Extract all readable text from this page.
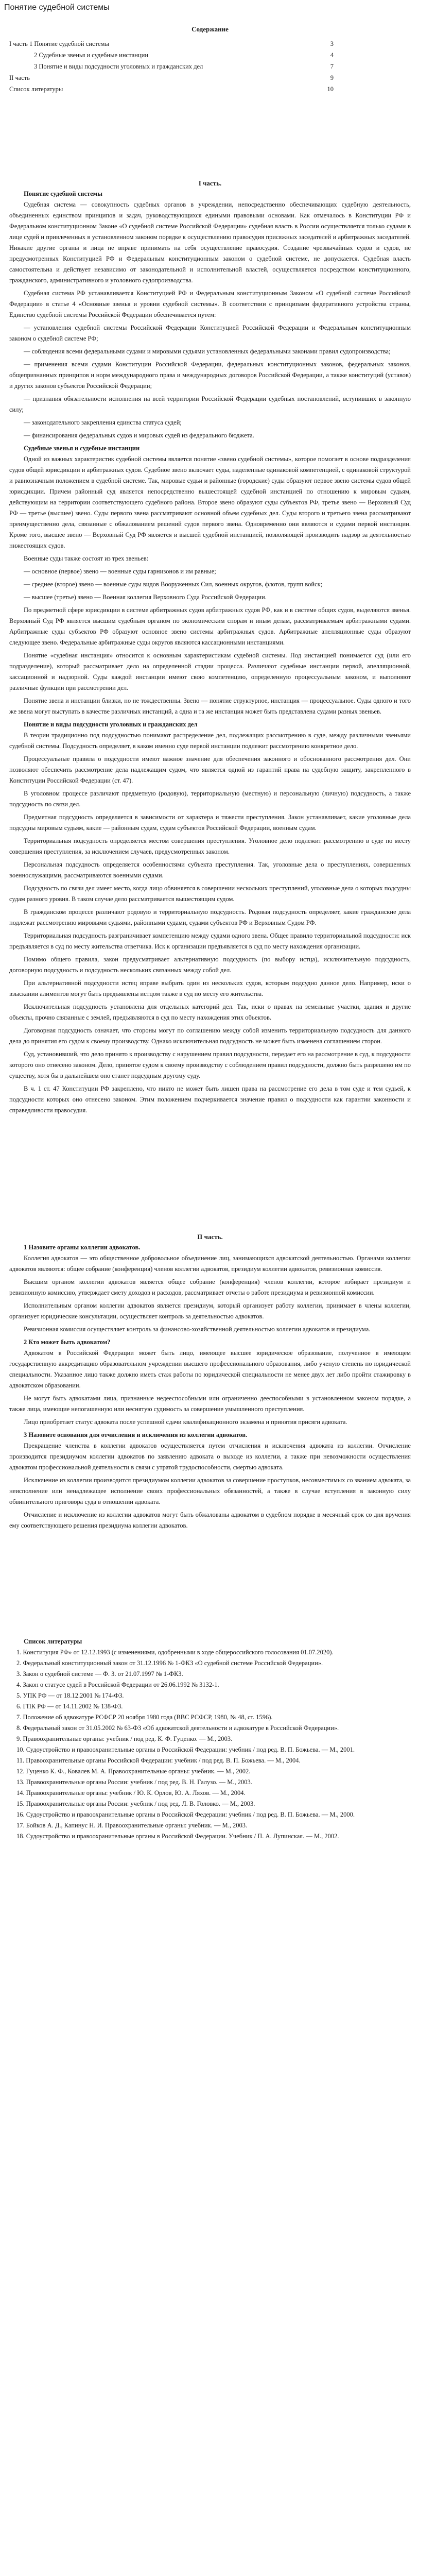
Понятие судебной системы
Содержание
I часть 1 Понятие судебной системы	3
2 Судебные звенья и судебные инстанции	4
3 Понятие и виды подсудности уголовных и гражданских дел	7
II часть	9
Список литературы	10
I часть.
Понятие судебной системы

Судебная система — совокупность судебных органов в учреждении, непосредственно обеспечивающих судебную деятельность, объединенных единством принципов и задач, руководствующихся едиными правовыми основами. Как отмечалось в Конституции РФ и Федеральном конституционном Законе «О судебной системе Российской Федерации» судебная власть в России осуществляется только судами в лице судей и привлеченных в установленном законом порядке к осуществлению правосудия присяжных заседателей и арбитражных заседателей. Никакие другие органы и лица не вправе принимать на себя осуществление правосудия. Создание чрезвычайных судов и судов, не предусмотренных Конституцией РФ и Федеральным конституционным законом о судебной системе, не допускается. Судебная власть самостоятельна и действует независимо от законодательной и исполнительной властей, осуществляется посредством конституционного, гражданского, административного и уголовного судопроизводства.

Судебная система РФ устанавливается Конституцией РФ и Федеральным конституционным Законом «О судебной системе Российской Федерации» в статье 4 «Основные звенья и уровни судебной системы». В соответствии с принципами федеративного устройства страны, Единство судебной системы Российской Федерации обеспечивается путем:

— установления судебной системы Российской Федерации Конституцией Российской Федерации и Федеральным конституционным законом о судебной системе РФ;

— соблюдения всеми федеральными судами и мировыми судьями установленных федеральными законами правил судопроизводства;

— применения всеми судами Конституции Российской Федерации, федеральных конституционных законов, федеральных законов, общепризнанных принципов и норм международного права и международных договоров Российской Федерации, а также конституций (уставов) и других законов субъектов Российской Федерации;

— признания обязательности исполнения на всей территории Российской Федерации судебных постановлений, вступивших в законную силу;

— законодательного закрепления единства статуса судей;

— финансирования федеральных судов и мировых судей из федерального бюджета.

Судебные звенья и судебные инстанции

Одной из важных характеристик судебной системы является понятие «звено судебной системы», которое помогает в основе подразделения судов общей юрисдикции и арбитражных судов. Судебное звено включает суды, наделенные одинаковой компетенцией, с одинаковой структурой и равнозначным положением в судебной системе. Так, мировые судьи и районные (городские) суды образуют первое звено системы судов общей юрисдикции. Причем районный суд является непосредственно вышестоящей судебной инстанцией по отношению к мировым судьям, действующим на территории соответствующего судебного района. Второе звено образуют суды субъектов РФ, третье звено — Верховный Суд РФ — третье (высшее) звено. Суды первого звена рассматривают основной объем судебных дел. Суды второго и третьего звена рассматривают преимущественно дела, связанные с обжалованием решений судов первого звена. Одновременно они являются и судами первой инстанции. Кроме того, высшее звено — Верховный Суд РФ является и высшей судебной инстанцией, позволяющей производить надзор за деятельностью нижестоящих судов.

Военные суды также состоят из трех звеньев:

— основное (первое) звено — военные суды гарнизонов и им равные;

— среднее (второе) звено — военные суды видов Вооруженных Сил, военных округов, флотов, групп войск;

— высшее (третье) звено — Военная коллегия Верховного Суда Российской Федерации.

По предметной сфере юрисдикции в системе арбитражных судов арбитражных судов РФ, как и в системе общих судов, выделяются звенья. Верховный Суд РФ является высшим судебным органом по экономическим спорам и иным делам, рассматриваемым арбитражными судами. Арбитражные суды субъектов РФ образуют основное звено системы арбитражных судов. Арбитражные апелляционные суды образуют следующее звено. Федеральные арбитражные суды округов являются кассационными инстанциями.

Понятие «судебная инстанция» относится к основным характеристикам судебной системы. Под инстанцией понимается суд (или его подразделение), который рассматривает дело на определенной стадии процесса. Различают судебные инстанции первой, апелляционной, кассационной и надзорной. Суды каждой инстанции имеют свою компетенцию, определенную процессуальным законом, и выполняют различные функции при рассмотрении дел.

Понятие звена и инстанции близки, но не тождественны. Звено — понятие структурное, инстанция — процессуальное. Суды одного и того же звена могут выступать в качестве различных инстанций, а одна и та же инстанция может быть представлена судами разных звеньев.

Понятие и виды подсудности уголовных и гражданских дел

В теории традиционно под подсудностью понимают распределение дел, подлежащих рассмотрению в суде, между различными звеньями судебной системы. Подсудность определяет, в каком именно суде первой инстанции подлежит рассмотрению конкретное дело.

Процессуальные правила о подсудности имеют важное значение для обеспечения законного и обоснованного рассмотрения дел. Они позволяют обеспечить рассмотрение дела надлежащим судом, что является одной из гарантий права на судебную защиту, закрепленного в Конституции Российской Федерации (ст. 47).

В уголовном процессе различают предметную (родовую), территориальную (местную) и персональную (личную) подсудность, а также подсудность по связи дел.

Предметная подсудность определяется в зависимости от характера и тяжести преступления. Закон устанавливает, какие уголовные дела подсудны мировым судьям, какие — районным судам, судам субъектов Российской Федерации, военным судам.

Территориальная подсудность определяется местом совершения преступления. Уголовное дело подлежит рассмотрению в суде по месту совершения преступления, за исключением случаев, предусмотренных законом.

Персональная подсудность определяется особенностями субъекта преступления. Так, уголовные дела о преступлениях, совершенных военнослужащими, рассматриваются военными судами.

Подсудность по связи дел имеет место, когда лицо обвиняется в совершении нескольких преступлений, уголовные дела о которых подсудны судам разного уровня. В таком случае дело рассматривается вышестоящим судом.

В гражданском процессе различают родовую и территориальную подсудность. Родовая подсудность определяет, какие гражданские дела подлежат рассмотрению мировыми судьями, районными судами, судами субъектов РФ и Верховным Судом РФ.

Территориальная подсудность разграничивает компетенцию между судами одного звена. Общее правило территориальной подсудности: иск предъявляется в суд по месту жительства ответчика. Иск к организации предъявляется в суд по месту нахождения организации.

Помимо общего правила, закон предусматривает альтернативную подсудность (по выбору истца), исключительную подсудность, договорную подсудность и подсудность нескольких связанных между собой дел.

При альтернативной подсудности истец вправе выбрать один из нескольких судов, которым подсудно данное дело. Например, иски о взыскании алиментов могут быть предъявлены истцом также в суд по месту его жительства.

Исключительная подсудность установлена для отдельных категорий дел. Так, иски о правах на земельные участки, здания и другие объекты, прочно связанные с землей, предъявляются в суд по месту нахождения этих объектов.

Договорная подсудность означает, что стороны могут по соглашению между собой изменить территориальную подсудность для данного дела до принятия его судом к своему производству. Однако исключительная подсудность не может быть изменена соглашением сторон.

Суд, установивший, что дело принято к производству с нарушением правил подсудности, передает его на рассмотрение в суд, к подсудности которого оно отнесено законом. Дело, принятое судом к своему производству с соблюдением правил подсудности, должно быть разрешено им по существу, хотя бы в дальнейшем оно станет подсудным другому суду.

В ч. 1 ст. 47 Конституции РФ закреплено, что никто не может быть лишен права на рассмотрение его дела в том суде и тем судьей, к подсудности которых оно отнесено законом. Этим положением подчеркивается значение правил о подсудности как гарантии законности и справедливости правосудия.

II часть.
1 Назовите органы коллегии адвокатов.

Коллегия адвокатов — это общественное добровольное объединение лиц, занимающихся адвокатской деятельностью. Органами коллегии адвокатов являются: общее собрание (конференция) членов коллегии адвокатов, президиум коллегии адвокатов, ревизионная комиссия.

Высшим органом коллегии адвокатов является общее собрание (конференция) членов коллегии, которое избирает президиум и ревизионную комиссию, утверждает смету доходов и расходов, рассматривает отчеты о работе президиума и ревизионной комиссии.

Исполнительным органом коллегии адвокатов является президиум, который организует работу коллегии, принимает в члены коллегии, организует юридические консультации, осуществляет контроль за деятельностью адвокатов.

Ревизионная комиссия осуществляет контроль за финансово-хозяйственной деятельностью коллегии адвокатов и президиума.

2 Кто может быть адвокатом?

Адвокатом в Российской Федерации может быть лицо, имеющее высшее юридическое образование, полученное в имеющем государственную аккредитацию образовательном учреждении высшего профессионального образования, либо ученую степень по юридической специальности. Указанное лицо также должно иметь стаж работы по юридической специальности не менее двух лет либо пройти стажировку в адвокатском образовании.

Не могут быть адвокатами лица, признанные недееспособными или ограниченно дееспособными в установленном законом порядке, а также лица, имеющие непогашенную или неснятую судимость за совершение умышленного преступления.

Лицо приобретает статус адвоката после успешной сдачи квалификационного экзамена и принятия присяги адвоката.

3 Назовите основания для отчисления и исключения из коллегии адвокатов.

Прекращение членства в коллегии адвокатов осуществляется путем отчисления и исключения адвоката из коллегии. Отчисление производится президиумом коллегии адвокатов по заявлению адвоката о выходе из коллегии, а также при невозможности осуществления адвокатом профессиональной деятельности в связи с утратой трудоспособности, смертью адвоката.

Исключение из коллегии производится президиумом коллегии адвокатов за совершение проступков, несовместимых со званием адвоката, за неисполнение или ненадлежащее исполнение своих профессиональных обязанностей, а также в случае вступления в законную силу обвинительного приговора суда в отношении адвоката.

Отчисление и исключение из коллегии адвокатов могут быть обжалованы адвокатом в судебном порядке в месячный срок со дня вручения ему соответствующего решения президиума коллегии адвокатов.

Список литературы
1. Конституция РФ» от 12.12.1993 (с изменениями, одобренными в ходе общероссийского голосования 01.07.2020).
2. Федеральный конституционный закон от 31.12.1996 № 1-ФКЗ «О судебной системе Российской Федерации».
3. Закон о судебной системе — Ф. З. от 21.07.1997 № 1-ФКЗ.
4. Закон о статусе судей в Российской Федерации от 26.06.1992 № 3132-1.
5. УПК РФ — от 18.12.2001 № 174-ФЗ.
6. ГПК РФ — от 14.11.2002 № 138-ФЗ.
7. Положение об адвокатуре РСФСР 20 ноября 1980 года (ВВС РСФСР, 1980, № 48, ст. 1596).
8. Федеральный закон от 31.05.2002 № 63-ФЗ «Об адвокатской деятельности и адвокатуре в Российской Федерации».
9. Правоохранительные органы: учебник / под ред. К. Ф. Гуценко. — М., 2003.
10. Судоустройство и правоохранительные органы в Российской Федерации: учебник / под ред. В. П. Божьева. — М., 2001.
11. Правоохранительные органы Российской Федерации: учебник / под ред. В. П. Божьева. — М., 2004.
12. Гуценко К. Ф., Ковалев М. А. Правоохранительные органы: учебник. — М., 2002.
13. Правоохранительные органы России: учебник / под ред. В. Н. Галузо. — М., 2003.
14. Правоохранительные органы: учебник / Ю. К. Орлов, Ю. А. Ляхов. — М., 2004.
15. Правоохранительные органы России: учебник / под ред. Л. В. Головко. — М., 2003.
16. Судоустройство и правоохранительные органы в Российской Федерации: учебник / под ред. В. П. Божьева. — М., 2000.
17. Бойков А. Д., Капинус Н. И. Правоохранительные органы: учебник. — М., 2003.
18. Судоустройство и правоохранительные органы в Российской Федерации. Учебник / П. А. Лупинская. — М., 2002.
